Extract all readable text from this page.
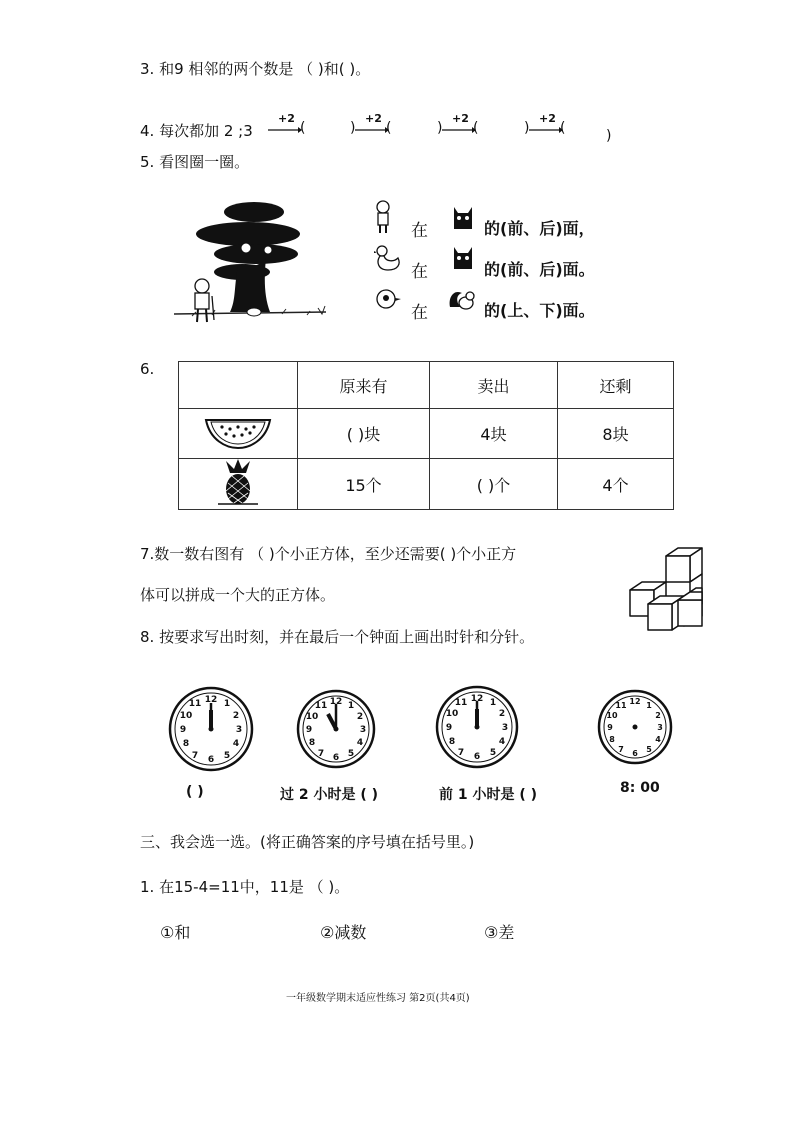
3. 和9 相邻的两个数是 （ )和( )。
4. 每次都加 2 ;3
+2
(	)
+2
(	)
+2
(	)
+2
(	)
5. 看图圈一圈。
在	的(前、后)面，
在	的(前、后)面。
在	的(上、下)面。
6.
	原来有	卖出	还剩
	( )块	4块	8块
	15个	( )个	4个
7.数一数右图有 （ )个小正方体，至少还需要( )个小正方
体可以拼成一个大的正方体。
8. 按要求写出时刻，并在最后一个钟面上画出时针和分针。
12 1
2
3
4
5
6
7
8
9
10
11	12 1
2
3
4
5
6
7
8
9
10
11
12 1
2
3
4
5
6
7
8
9
10
11	12 1
2
3
4
5
6
7
8
9
10
11
( )	过 2 小时是 ( )	前 1 小时是 ( )	8: 00
三、我会选一选。(将正确答案的序号填在括号里。)
1. 在15-4=11中，11是 （ )。
①和	②减数	③差
一年级数学期末适应性练习 第2页(共4页)
